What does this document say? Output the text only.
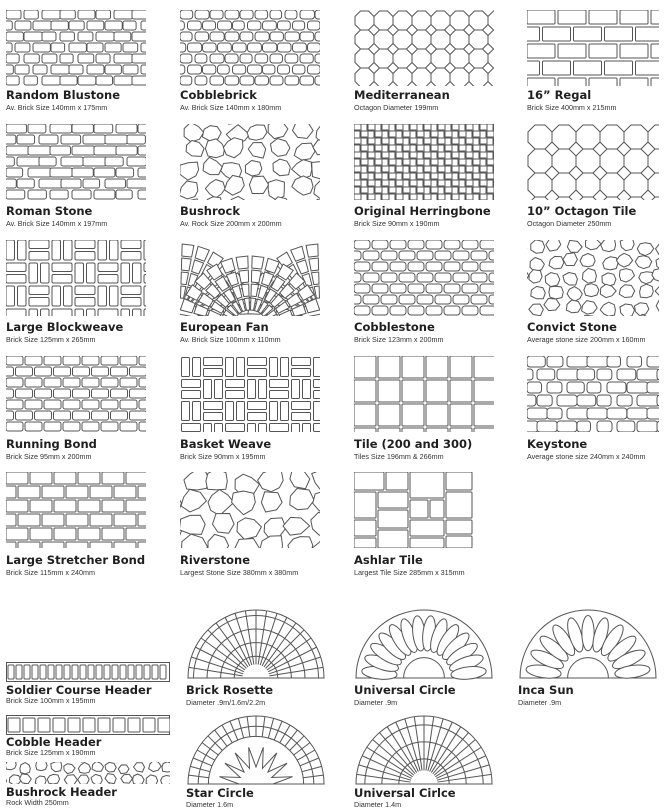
Random Blustone
Av. Brick Size 140mm x 175mm
Cobblebrick
Av. Brick Size 140mm x 180mm
Mediterranean
Octagon Diameter 199mm
16” Regal
Brick Size 400mm x 215mm
Roman Stone
Av. Brick Size 140mm x 197mm
Bushrock
Av. Rock Size 200mm x 200mm
Original Herringbone
Brick Size 90mm x 190mm
10” Octagon Tile
Octagon Diameter 250mm
Large Blockweave
Brick Size 125mm x 265mm
European Fan
Av. Brick Size 100mm x 110mm
Cobblestone
Brick Size 123mm x 200mm
Convict Stone
Average stone size 200mm x 160mm
Running Bond
Brick Size 95mm x 200mm
Basket Weave
Brick Size 90mm x 195mm
Tile (200 and 300)
Tiles Size 196mm & 266mm
Keystone
Average stone size 240mm x 240mm
Large Stretcher Bond
Brick Size 115mm x 240mm
Riverstone
Largest Stone Size 380mm x 380mm
Ashlar Tile
Largest Tile Size 285mm x 315mm
Soldier Course Header
Brick Size 100mm x 195mm
Cobble Header
Brick Size 125mm x 190mm
Bushrock Header
Rock Width 250mm
Brick Rosette
Diameter .9m/1.6m/2.2m
Universal Circle
Diameter .9m
Inca Sun
Diameter .9m
Star Circle
Diameter 1.6m
Universal Cirlce
Diameter 1.4m
